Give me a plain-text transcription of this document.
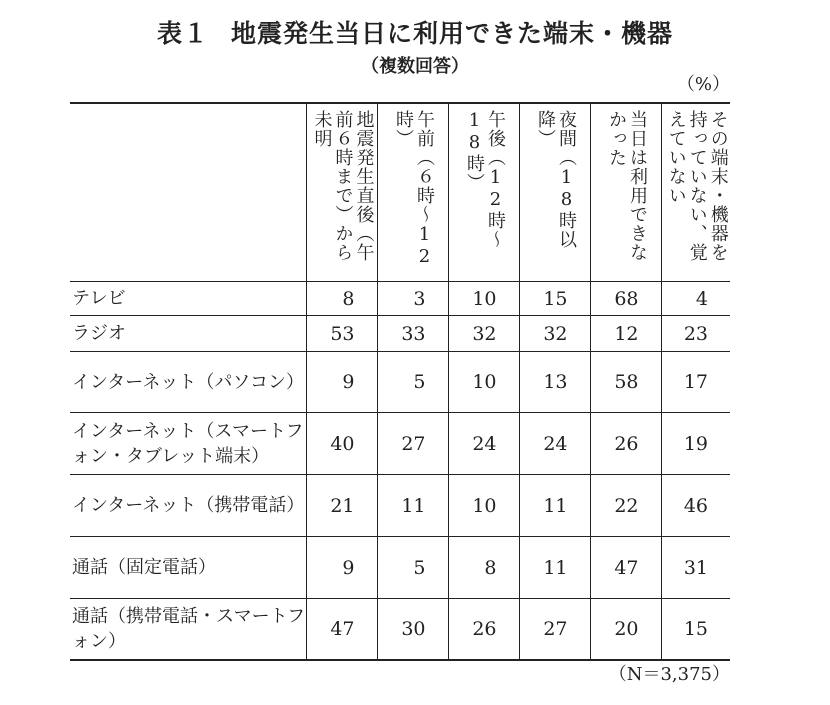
表１ 地震発生当日に利用できた端末・機器
（複数回答）
（%）
	地震発生直後（午前６時まで）から未明	午前（６時〜12時）	午後（12時〜18時）	夜間（18時以降）	当日は利用できなかった	その端末・機器を持っていない、覚えていない
テレビ	8	3	10	15	68	4
ラジオ	53	33	32	32	12	23
インターネット（パソコン）	9	5	10	13	58	17
インターネット（スマートフォン・タブレット端末）	40	27	24	24	26	19
インターネット（携帯電話）	21	11	10	11	22	46
通話（固定電話）	9	5	8	11	47	31
通話（携帯電話・スマートフォン）	47	30	26	27	20	15
（N＝3,375）
